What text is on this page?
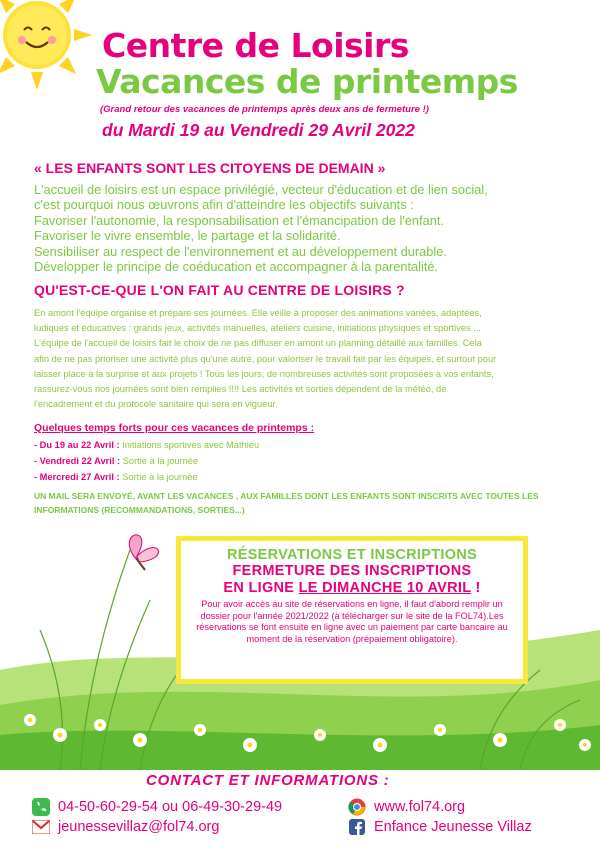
Centre de Loisirs
Vacances de printemps
(Grand retour des vacances de printemps après deux ans de fermeture !)
du Mardi 19 au Vendredi 29 Avril 2022
« LES ENFANTS SONT LES CITOYENS DE DEMAIN »

L'accueil de loisirs est un espace privilégié, vecteur d'éducation et de lien social,

c'est pourquoi nous œuvrons afin d'atteindre les objectifs suivants :

Favoriser l'autonomie, la responsabilisation et l'émancipation de l'enfant.

Favoriser le vivre ensemble, le partage et la solidarité.

Sensibiliser au respect de l'environnement et au développement durable.

Développer le principe de coéducation et accompagner à la parentalité.

QU'EST-CE-QUE L'ON FAIT AU CENTRE DE LOISIRS ?

En amont l'équipe organise et prépare ses journées. Elle veille à proposer des animations variées, adaptées,

ludiques et éducatives : grands jeux, activités manuelles, ateliers cuisine, initiations physiques et sportives ...

L'équipe de l'accueil de loisirs fait le choix de ne pas diffuser en amont un planning détaillé aux familles. Cela

afin de ne pas prioriser une activité plus qu'une autre, pour valoriser le travail fait par les équipes, et surtout pour

laisser place à la surprise et aux projets ! Tous les jours, de nombreuses activités sont proposées à vos enfants,

rassurez-vous nos journées sont bien remplies !!!! Les activités et sorties dépendent de la météo, de

l'encadrement et du protocole sanitaire qui sera en vigueur.

Quelques temps forts pour ces vacances de printemps :
- Du 19 au 22 Avril : Initiations sportives avec Mathieu
- Vendredi 22 Avril : Sortie à la journée
- Mercredi 27 Avril : Sortie à la journée
UN MAIL SERA ENVOYÉ, AVANT LES VACANCES , AUX FAMILLES DONT LES ENFANTS SONT INSCRITS AVEC TOUTES LES INFORMATIONS (RECOMMANDATIONS, SORTIES...)
RÉSERVATIONS ET INSCRIPTIONS
FERMETURE DES INSCRIPTIONS
EN LIGNE LE DIMANCHE 10 AVRIL !
Pour avoir accès au site de réservations en ligne, il faut d'abord remplir un dossier pour l'année 2021/2022 (à télécharger sur le site de la FOL74).Les réservations se font ensuite en ligne avec un paiement par carte bancaire au moment de la réservation (prépaiement obligatoire).
CONTACT ET INFORMATIONS :
04-50-60-29-54 ou 06-49-30-29-49
jeunessevillaz@fol74.org
www.fol74.org
Enfance Jeunesse Villaz
